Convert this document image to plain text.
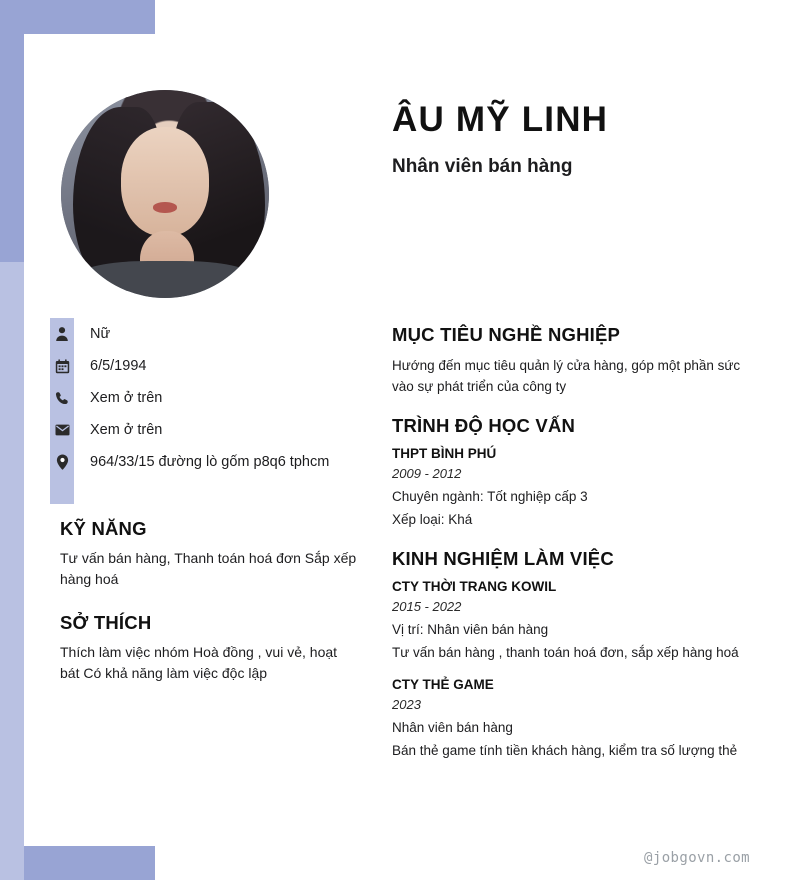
Nữ
6/5/1994
Xem ở trên
Xem ở trên
964/33/15 đường lò gốm p8q6 tphcm
KỸ NĂNG

Tư vấn bán hàng, Thanh toán hoá đơn Sắp xếp hàng hoá

SỞ THÍCH

Thích làm việc nhóm Hoà đồng , vui vẻ, hoạt bát Có khả năng làm việc độc lập

ÂU MỸ LINH

Nhân viên bán hàng

MỤC TIÊU NGHỀ NGHIỆP

Hướng đến mục tiêu quản lý cửa hàng, góp một phần sức vào sự phát triển của công ty

TRÌNH ĐỘ HỌC VẤN

THPT BÌNH PHÚ

2009 - 2012

Chuyên ngành: Tốt nghiệp cấp 3

Xếp loại: Khá

KINH NGHIỆM LÀM VIỆC

CTY THỜI TRANG KOWIL

2015 - 2022

Vị trí: Nhân viên bán hàng

Tư vấn bán hàng , thanh toán hoá đơn, sắp xếp hàng hoá

CTY THẺ GAME

2023

Nhân viên bán hàng

Bán thẻ game tính tiền khách hàng, kiểm tra số lượng thẻ

@jobgovn.com
